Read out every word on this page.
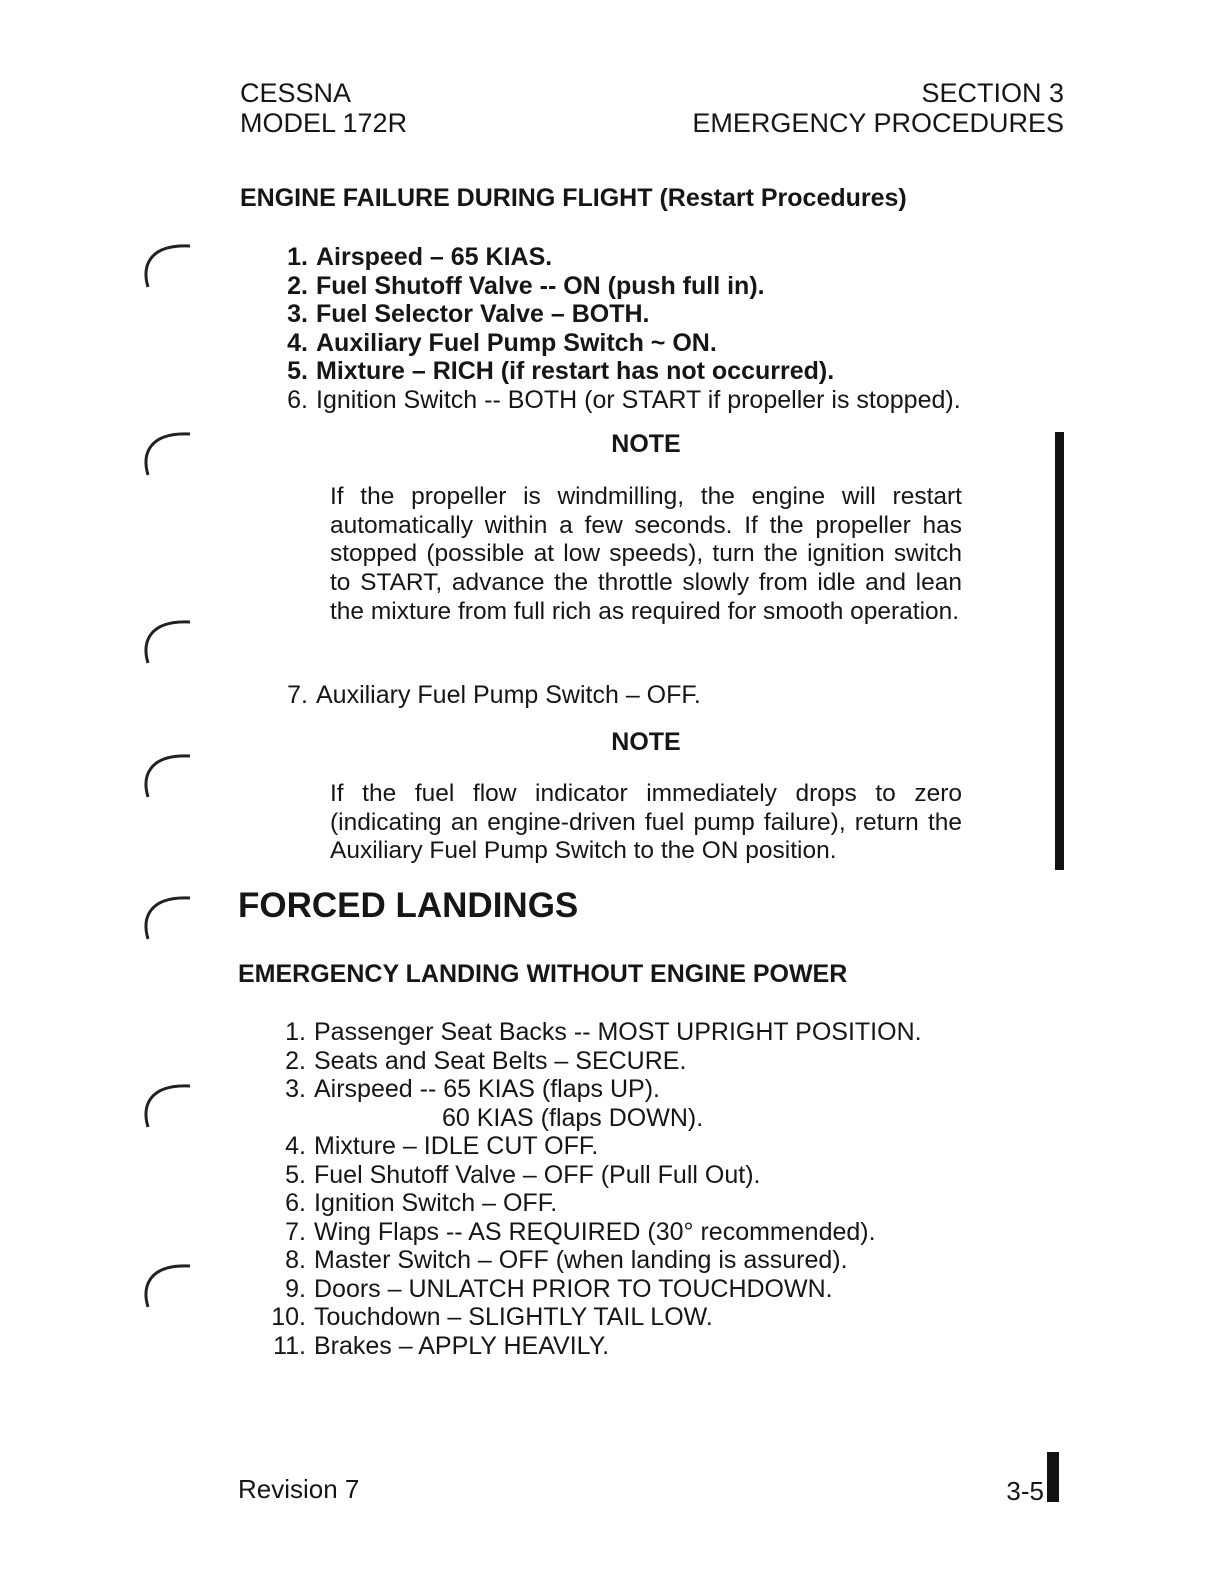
CESSNA
MODEL 172R
SECTION 3
EMERGENCY PROCEDURES
ENGINE FAILURE DURING FLIGHT (Restart Procedures)
1. Airspeed – 65 KIAS.
2. Fuel Shutoff Valve -- ON (push full in).
3. Fuel Selector Valve – BOTH.
4. Auxiliary Fuel Pump Switch ~ ON.
5. Mixture – RICH (if restart has not occurred).
6. Ignition Switch -- BOTH (or START if propeller is stopped).
NOTE
If the propeller is windmilling, the engine will restart automatically within a few seconds. If the propeller has stopped (possible at low speeds), turn the ignition switch to START, advance the throttle slowly from idle and lean the mixture from full rich as required for smooth operation.
7. Auxiliary Fuel Pump Switch – OFF.
NOTE
If the fuel flow indicator immediately drops to zero (indicating an engine-driven fuel pump failure), return the Auxiliary Fuel Pump Switch to the ON position.
FORCED LANDINGS
EMERGENCY LANDING WITHOUT ENGINE POWER
1. Passenger Seat Backs -- MOST UPRIGHT POSITION.
2. Seats and Seat Belts – SECURE.
3. Airspeed -- 65 KIAS (flaps UP).
60 KIAS (flaps DOWN).
4. Mixture – IDLE CUT OFF.
5. Fuel Shutoff Valve – OFF (Pull Full Out).
6. Ignition Switch – OFF.
7. Wing Flaps -- AS REQUIRED (30° recommended).
8. Master Switch – OFF (when landing is assured).
9. Doors – UNLATCH PRIOR TO TOUCHDOWN.
10. Touchdown – SLIGHTLY TAIL LOW.
11. Brakes – APPLY HEAVILY.
Revision 7	3-5
